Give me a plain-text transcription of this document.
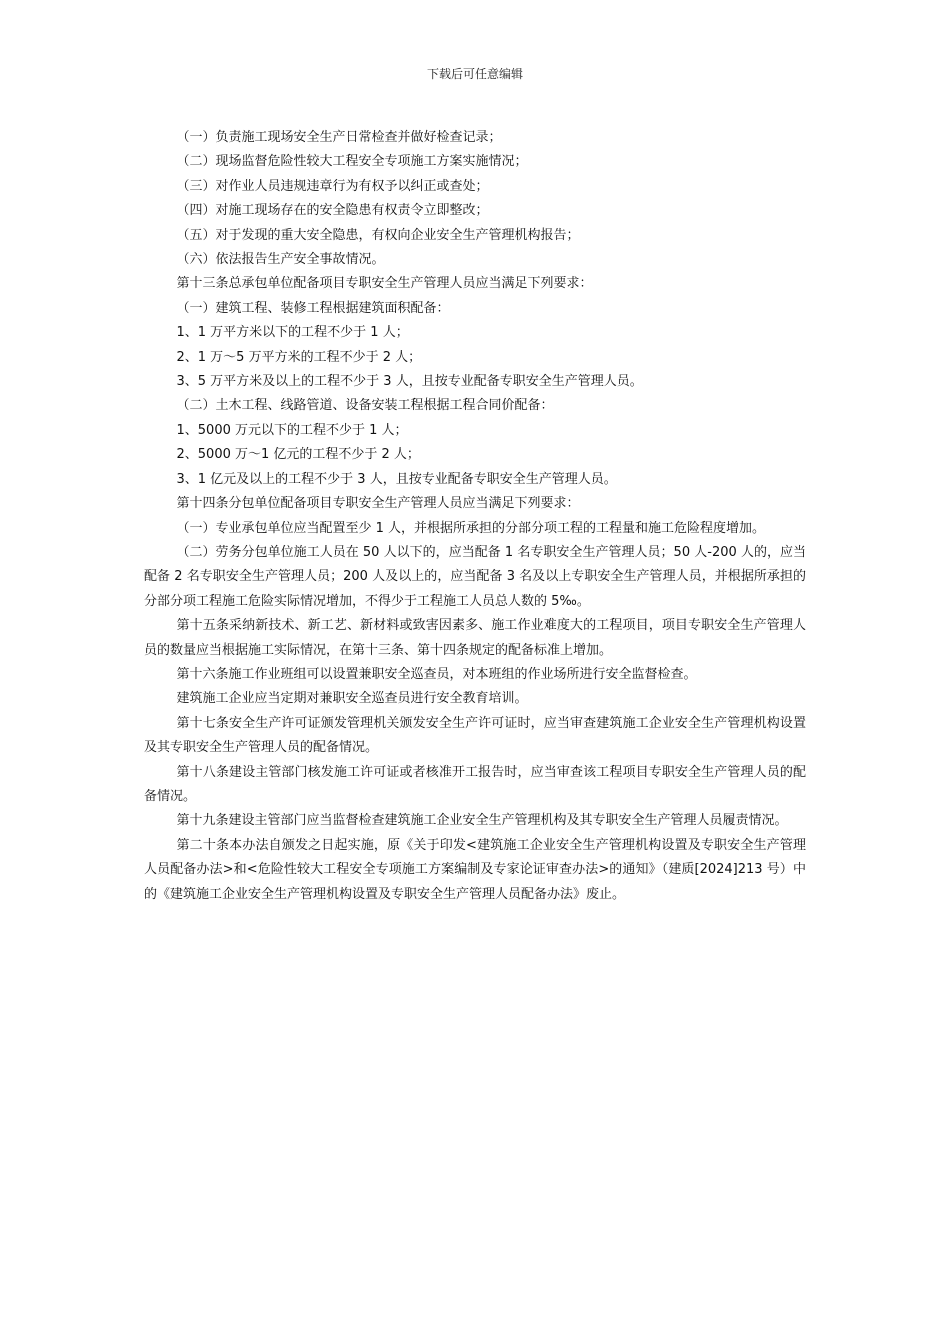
下载后可任意编辑

（一）负责施工现场安全生产日常检查并做好检查记录；

（二）现场监督危险性较大工程安全专项施工方案实施情况；

（三）对作业人员违规违章行为有权予以纠正或查处；

（四）对施工现场存在的安全隐患有权责令立即整改；

（五）对于发现的重大安全隐患，有权向企业安全生产管理机构报告；

（六）依法报告生产安全事故情况。

第十三条总承包单位配备项目专职安全生产管理人员应当满足下列要求：

（一）建筑工程、装修工程根据建筑面积配备：

1、1 万平方米以下的工程不少于 1 人；

2、1 万～5 万平方米的工程不少于 2 人；

3、5 万平方米及以上的工程不少于 3 人，且按专业配备专职安全生产管理人员。

（二）土木工程、线路管道、设备安装工程根据工程合同价配备：

1、5000 万元以下的工程不少于 1 人；

2、5000 万～1 亿元的工程不少于 2 人；

3、1 亿元及以上的工程不少于 3 人，且按专业配备专职安全生产管理人员。

第十四条分包单位配备项目专职安全生产管理人员应当满足下列要求：

（一）专业承包单位应当配置至少 1 人，并根据所承担的分部分项工程的工程量和施工危险程度增加。

（二）劳务分包单位施工人员在 50 人以下的，应当配备 1 名专职安全生产管理人员；50 人-200 人的，应当配备 2 名专职安全生产管理人员；200 人及以上的，应当配备 3 名及以上专职安全生产管理人员，并根据所承担的分部分项工程施工危险实际情况增加，不得少于工程施工人员总人数的 5‰。

第十五条采纳新技术、新工艺、新材料或致害因素多、施工作业难度大的工程项目，项目专职安全生产管理人员的数量应当根据施工实际情况，在第十三条、第十四条规定的配备标准上增加。

第十六条施工作业班组可以设置兼职安全巡查员，对本班组的作业场所进行安全监督检查。

建筑施工企业应当定期对兼职安全巡查员进行安全教育培训。

第十七条安全生产许可证颁发管理机关颁发安全生产许可证时，应当审查建筑施工企业安全生产管理机构设置及其专职安全生产管理人员的配备情况。

第十八条建设主管部门核发施工许可证或者核准开工报告时，应当审查该工程项目专职安全生产管理人员的配备情况。

第十九条建设主管部门应当监督检查建筑施工企业安全生产管理机构及其专职安全生产管理人员履责情况。

第二十条本办法自颁发之日起实施，原《关于印发<建筑施工企业安全生产管理机构设置及专职安全生产管理人员配备办法>和<危险性较大工程安全专项施工方案编制及专家论证审查办法>的通知》（建质[2024]213 号）中的《建筑施工企业安全生产管理机构设置及专职安全生产管理人员配备办法》废止。
